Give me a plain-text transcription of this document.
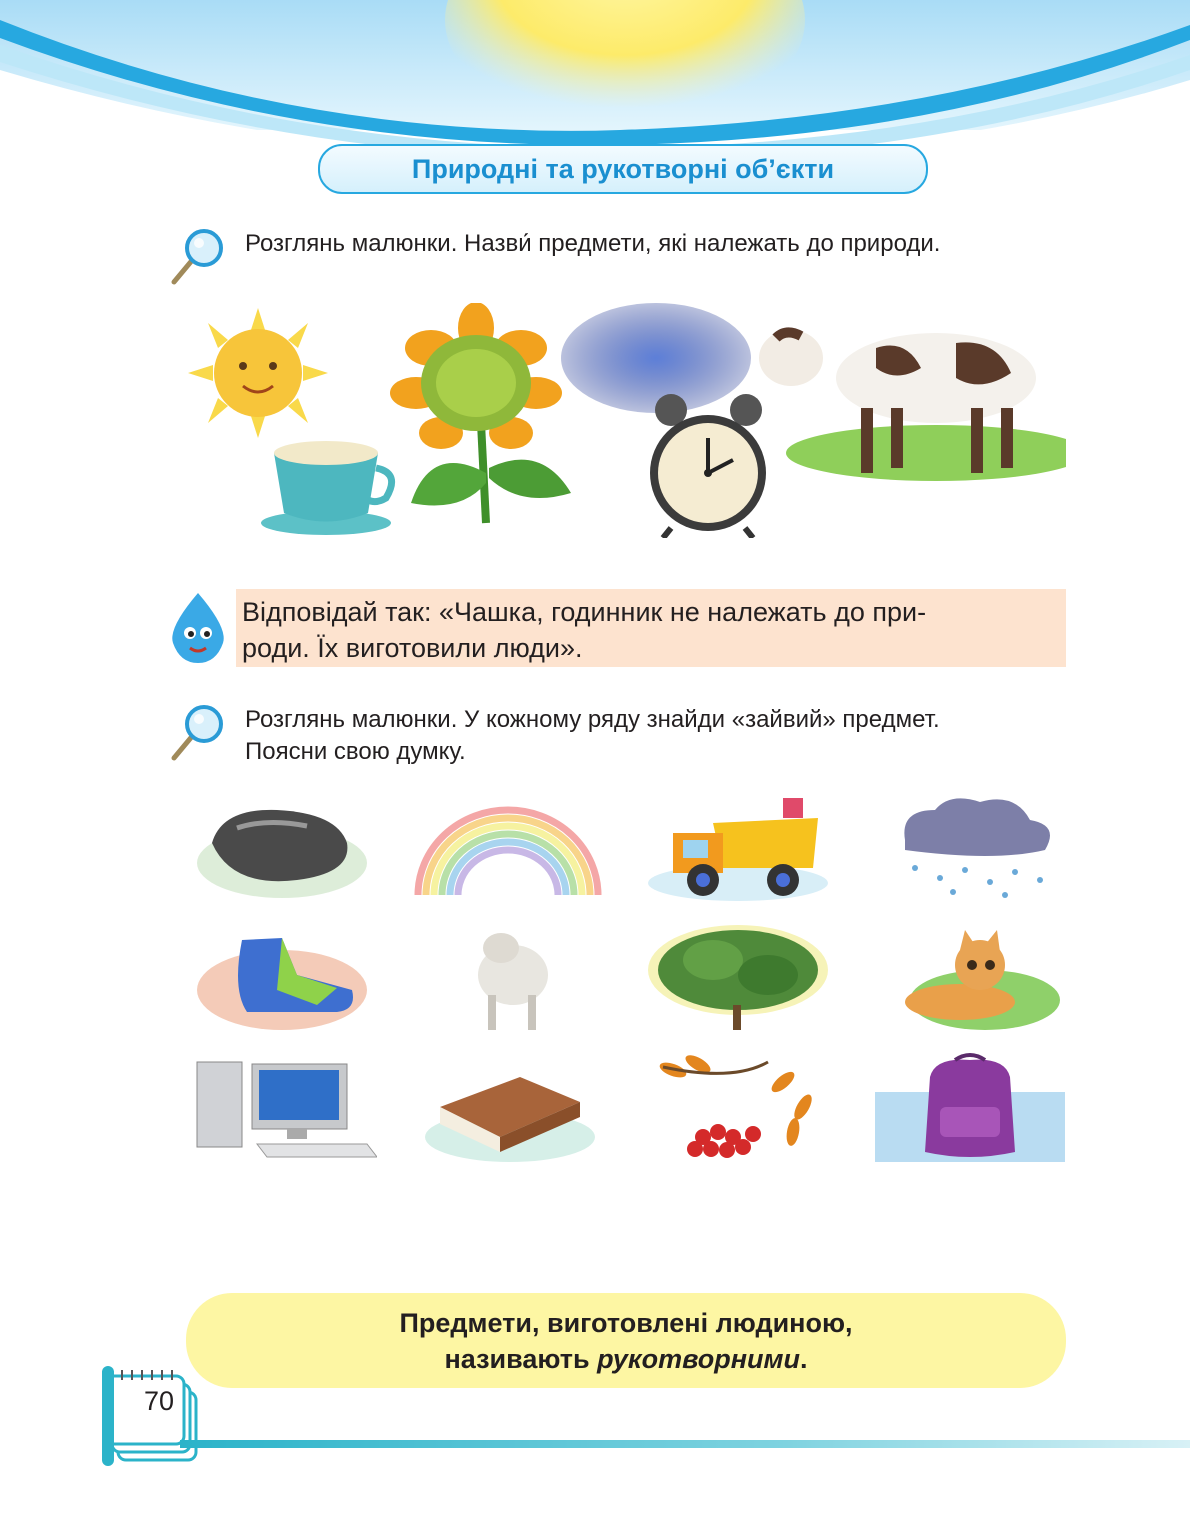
Природні та рукотворні об’єкти
Розглянь малюнки. Назви́ предмети, які належать до природи.
Відповідай так: «Чашка, годинник не належать до при-
роди. Їх виготовили люди».
Розглянь малюнки. У кожному ряду знайди «зайвий» предмет.
Поясни свою думку.
Предмети, виготовлені людиною,
називають рукотворними.
70
